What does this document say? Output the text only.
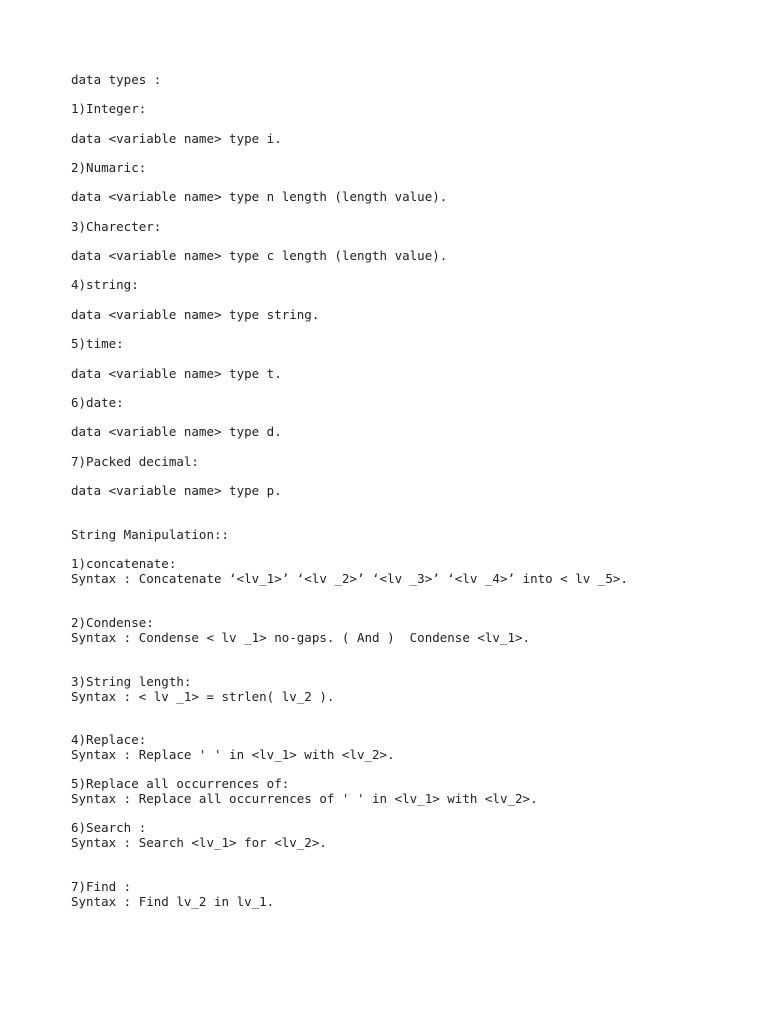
data types :

1)Integer:

data <variable name> type i.

2)Numaric:

data <variable name> type n length (length value).

3)Charecter:

data <variable name> type c length (length value).

4)string:

data <variable name> type string.

5)time:

data <variable name> type t.

6)date:

data <variable name> type d.

7)Packed decimal:

data <variable name> type p.

String Manipulation::

1)concatenate:

Syntax : Concatenate ‘<lv_1>’ ‘<lv _2>’ ‘<lv _3>’ ‘<lv _4>’ into < lv _5>.

2)Condense:

Syntax : Condense < lv _1> no-gaps. ( And )  Condense <lv_1>.

3)String length:

Syntax : < lv _1> = strlen( lv_2 ).

4)Replace:

Syntax : Replace ' ' in <lv_1> with <lv_2>.

5)Replace all occurrences of:

Syntax : Replace all occurrences of ' ' in <lv_1> with <lv_2>.

6)Search :

Syntax : Search <lv_1> for <lv_2>.

7)Find :

Syntax : Find lv_2 in lv_1.
